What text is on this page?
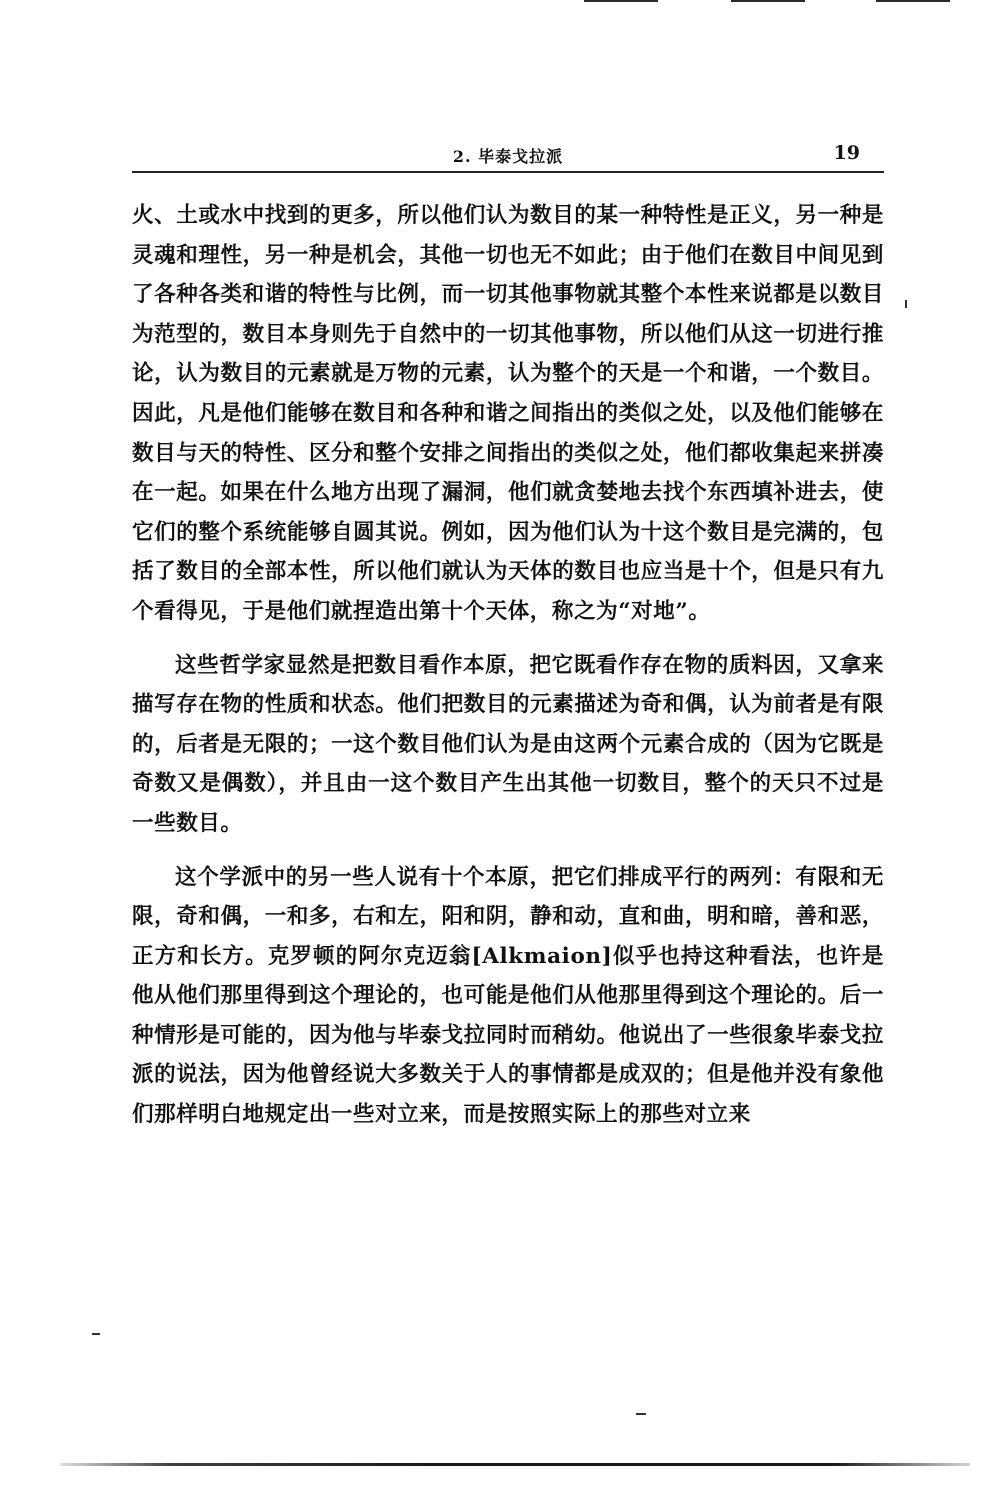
2. 毕泰戈拉派	19

火、土或水中找到的更多，所以他们认为数目的某一种特性是正义，另一种是灵魂和理性，另一种是机会，其他一切也无不如此；由于他们在数目中间见到了各种各类和谐的特性与比例，而一切其他事物就其整个本性来说都是以数目为范型的，数目本身则先于自然中的一切其他事物，所以他们从这一切进行推论，认为数目的元素就是万物的元素，认为整个的天是一个和谐，一个数目。因此，凡是他们能够在数目和各种和谐之间指出的类似之处，以及他们能够在数目与天的特性、区分和整个安排之间指出的类似之处，他们都收集起来拼凑在一起。如果在什么地方出现了漏洞，他们就贪婪地去找个东西填补进去，使它们的整个系统能够自圆其说。例如，因为他们认为十这个数目是完满的，包括了数目的全部本性，所以他们就认为天体的数目也应当是十个，但是只有九个看得见，于是他们就捏造出第十个天体，称之为“对地”。

这些哲学家显然是把数目看作本原，把它既看作存在物的质料因，又拿来描写存在物的性质和状态。他们把数目的元素描述为奇和偶，认为前者是有限的，后者是无限的；一这个数目他们认为是由这两个元素合成的（因为它既是奇数又是偶数），并且由一这个数目产生出其他一切数目，整个的天只不过是一些数目。

这个学派中的另一些人说有十个本原，把它们排成平行的两列：有限和无限，奇和偶，一和多，右和左，阳和阴，静和动，直和曲，明和暗，善和恶，正方和长方。克罗顿的阿尔克迈翁[Alkmaion]似乎也持这种看法，也许是他从他们那里得到这个理论的，也可能是他们从他那里得到这个理论的。后一种情形是可能的，因为他与毕泰戈拉同时而稍幼。他说出了一些很象毕泰戈拉派的说法，因为他曾经说大多数关于人的事情都是成双的；但是他并没有象他们那样明白地规定出一些对立来，而是按照实际上的那些对立来
